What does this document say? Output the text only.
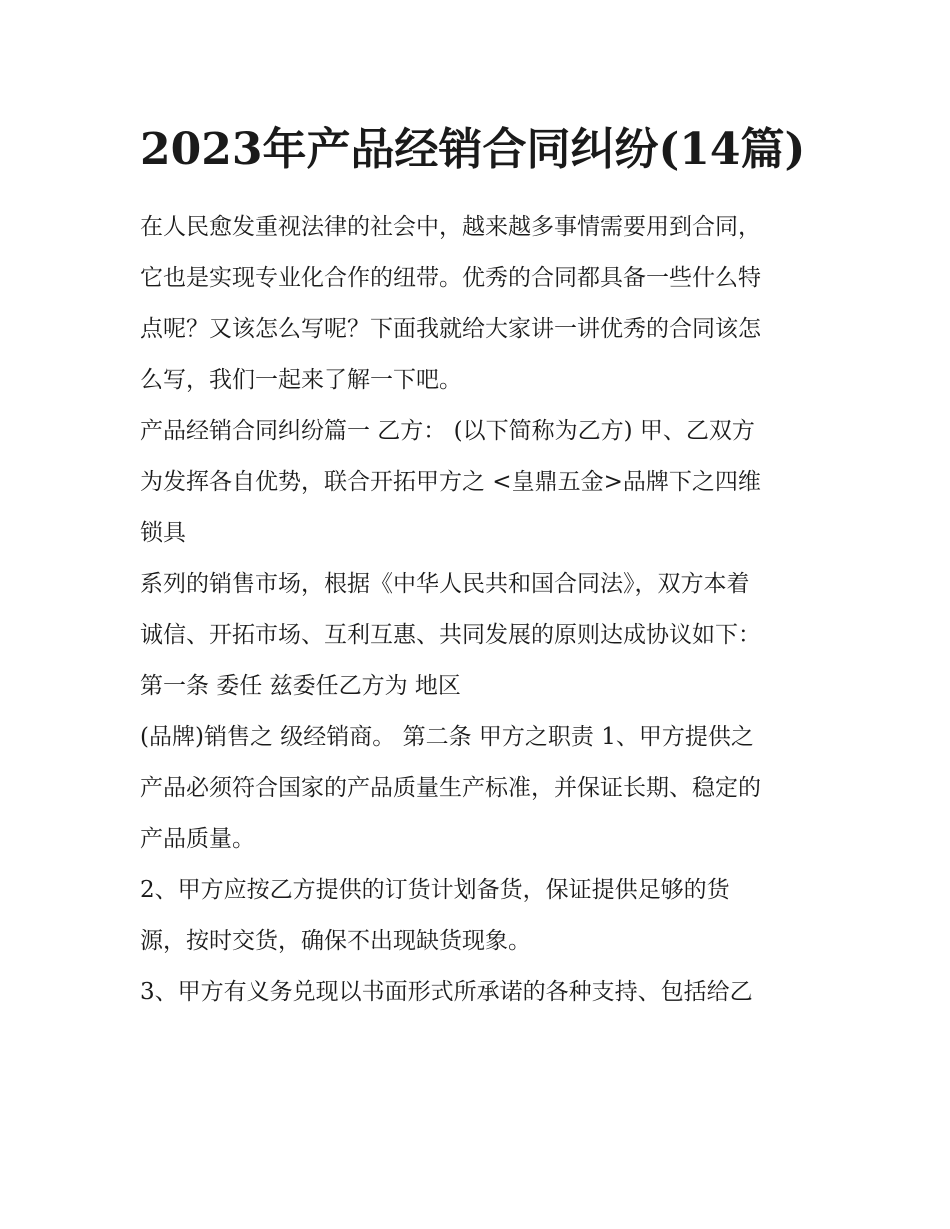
2023年产品经销合同纠纷(14篇)

在人民愈发重视法律的社会中，越来越多事情需要用到合同，
它也是实现专业化合作的纽带。优秀的合同都具备一些什么特
点呢？又该怎么写呢？下面我就给大家讲一讲优秀的合同该怎
么写，我们一起来了解一下吧。

产品经销合同纠纷篇一 乙方： (以下简称为乙方) 甲、乙双方
为发挥各自优势，联合开拓甲方之 <皇鼎五金>品牌下之四维
锁具

系列的销售市场，根据《中华人民共和国合同法》，双方本着
诚信、开拓市场、互利互惠、共同发展的原则达成协议如下：
第一条 委任 兹委任乙方为 地区

(品牌)销售之 级经销商。 第二条 甲方之职责 1、甲方提供之
产品必须符合国家的产品质量生产标准，并保证长期、稳定的
产品质量。

2、甲方应按乙方提供的订货计划备货，保证提供足够的货
源，按时交货，确保不出现缺货现象。

3、甲方有义务兑现以书面形式所承诺的各种支持、包括给乙
